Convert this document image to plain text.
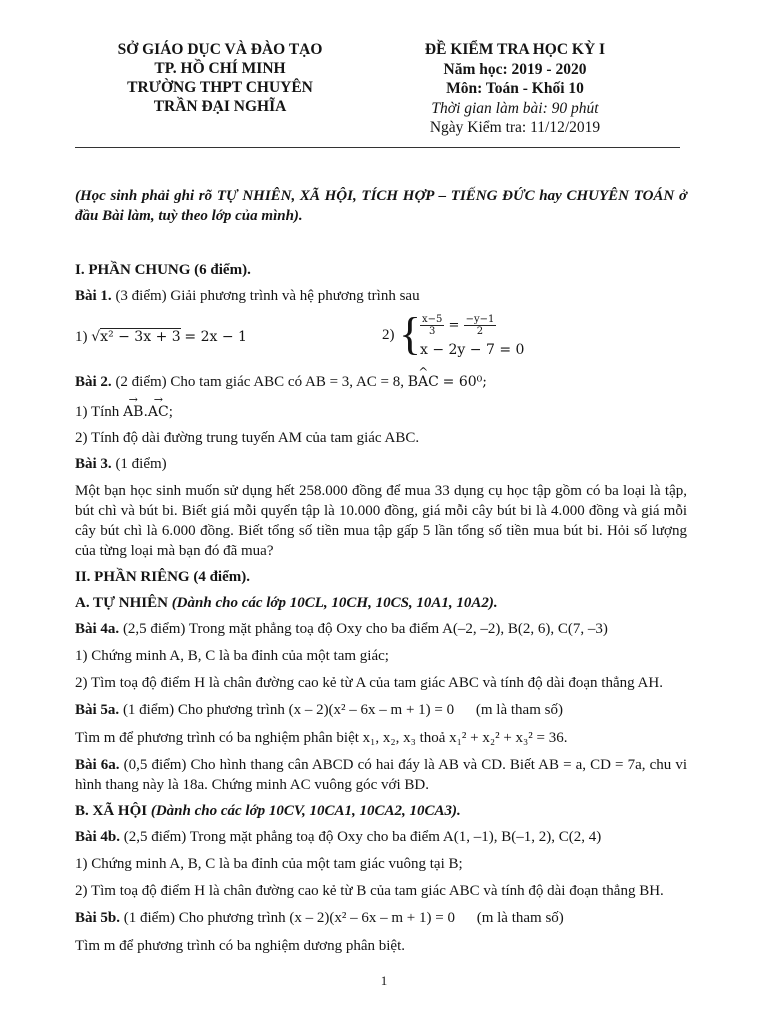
SỞ GIÁO DỤC VÀ ĐÀO TẠO
TP. HỒ CHÍ MINH
TRƯỜNG THPT CHUYÊN
TRẦN ĐẠI NGHĨA
ĐỀ KIỂM TRA HỌC KỲ I
Năm học: 2019 - 2020
Môn: Toán - Khối 10
Thời gian làm bài: 90 phút
Ngày Kiểm tra: 11/12/2019
(Học sinh phải ghi rõ TỰ NHIÊN, XÃ HỘI, TÍCH HỢP – TIẾNG ĐỨC hay CHUYÊN TOÁN ở đầu Bài làm, tuỳ theo lớp của mình).
I. PHẦN CHUNG (6 điểm).
Bài 1. (3 điểm) Giải phương trình và hệ phương trình sau
1) √x² − 3x + 3 = 2x − 1	2) {
$\frac{x-5}{3} = \frac{-y-1}{2}$
x − 2y − 7 = 0
Bài 2. (2 điểm) Cho tam giác ABC có AB = 3, AC = 8, ^ BAC = 60⁰;
1) Tính → AB.→ AC;
2) Tính độ dài đường trung tuyến AM của tam giác ABC.
Bài 3. (1 điểm)
Một bạn học sinh muốn sử dụng hết 258.000 đồng để mua 33 dụng cụ học tập gồm có ba loại là tập, bút chì và bút bi. Biết giá mỗi quyển tập là 10.000 đồng, giá mỗi cây bút bi là 4.000 đồng và giá mỗi cây bút chì là 6.000 đồng. Biết tổng số tiền mua tập gấp 5 lần tổng số tiền mua bút bi. Hỏi số lượng của từng loại mà bạn đó đã mua?
II. PHẦN RIÊNG (4 điểm).
A. TỰ NHIÊN (Dành cho các lớp 10CL, 10CH, 10CS, 10A1, 10A2).
Bài 4a. (2,5 điểm) Trong mặt phẳng toạ độ Oxy cho ba điểm A(–2, –2), B(2, 6), C(7, –3)
1) Chứng minh A, B, C là ba đỉnh của một tam giác;
2) Tìm toạ độ điểm H là chân đường cao kẻ từ A của tam giác ABC và tính độ dài đoạn thẳng AH.
Bài 5a. (1 điểm) Cho phương trình (x – 2)(x² – 6x – m + 1) = 0 (m là tham số)
Tìm m để phương trình có ba nghiệm phân biệt x₁, x₂, x₃ thoả x₁² + x₂² + x₃² = 36.
Bài 6a. (0,5 điểm) Cho hình thang cân ABCD có hai đáy là AB và CD. Biết AB = a, CD = 7a, chu vi hình thang này là 18a. Chứng minh AC vuông góc với BD.
B. XÃ HỘI (Dành cho các lớp 10CV, 10CA1, 10CA2, 10CA3).
Bài 4b. (2,5 điểm) Trong mặt phẳng toạ độ Oxy cho ba điểm A(1, –1), B(–1, 2), C(2, 4)
1) Chứng minh A, B, C là ba đỉnh của một tam giác vuông tại B;
2) Tìm toạ độ điểm H là chân đường cao kẻ từ B của tam giác ABC và tính độ dài đoạn thẳng BH.
Bài 5b. (1 điểm) Cho phương trình (x – 2)(x² – 6x – m + 1) = 0 (m là tham số)
Tìm m để phương trình có ba nghiệm dương phân biệt.
1
